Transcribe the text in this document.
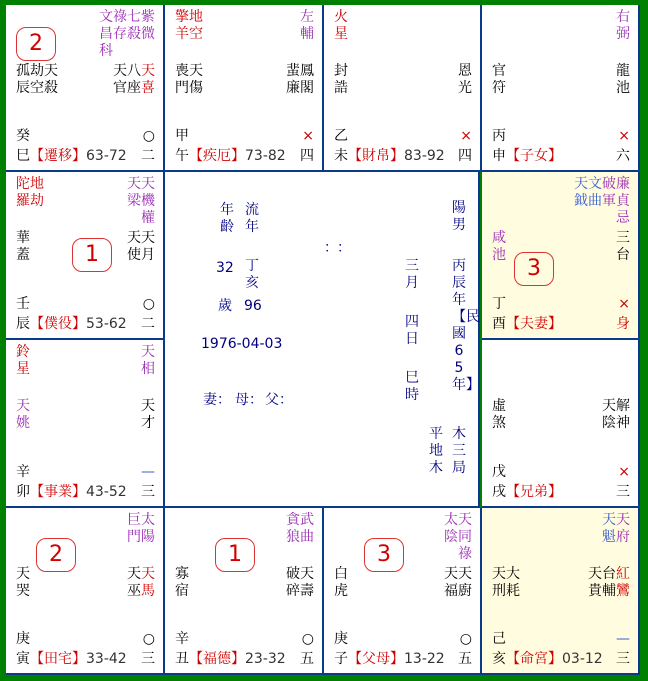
紫微
七殺
祿存
文昌科
天喜
八座
天官
天殺
劫空
孤辰
2
癸
巳【遷移】63-72
○
二
擎羊
地空
左輔
鳳閣
蜚廉
天傷
喪門
甲
午【疾厄】73-82
×
四
火星
恩光
封誥
乙
未【財帛】83-92
×
四
右弼
龍池
官符
丙
申【子女】
×
六
陀羅
地劫
天機權
天梁
天月
天使
華蓋	1
壬
辰【僕役】53-62
○
二
廉貞忌
破軍
文曲
天鉞
三台
咸池
3
丁
酉【夫妻】
×
身
鈴星
天相
天才
天姚
辛
卯【事業】43-52
—
三
解神
天陰
虛煞
戊
戌【兄弟】
×
三
太陽
巨門
天馬
天巫
天哭
2
庚
寅【田宅】33-42
○
三
武曲
貪狼
天壽
破碎
寡宿
1
辛
丑【福德】23-32
○
五
天同祿
太陰
天廚
天福
白虎
3
庚
子【父母】13-22
○
五
天府
天魁
紅鸞
台輔
天貴
大耗
天刑
己
亥【命宮】03-12
—
三
陽男
丙辰年【民國65年】
木三局
平地木
三月
四日
巳時
年齡
流年
32 丁亥
歲 96
1976-04-03
：：
妻： 母： 父：
